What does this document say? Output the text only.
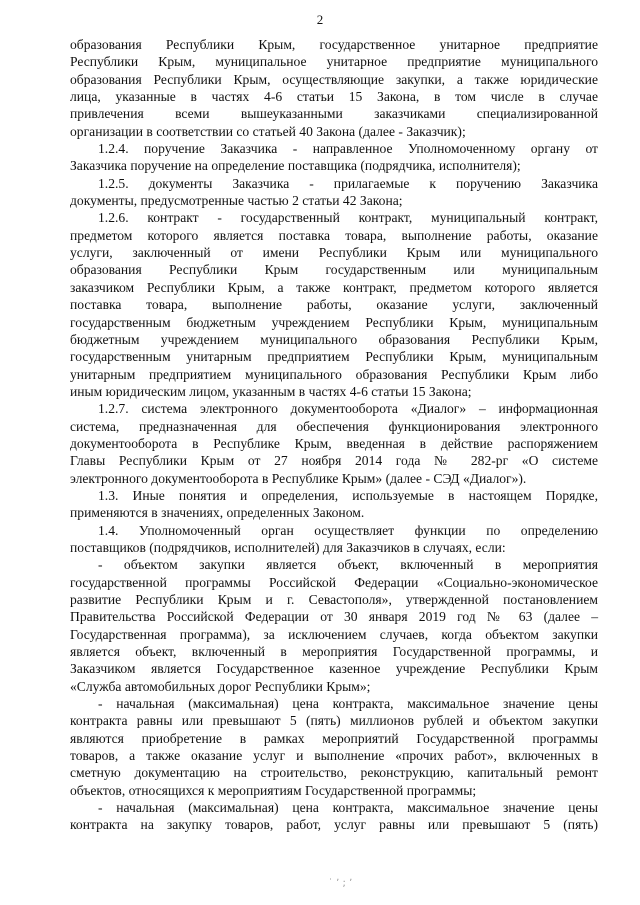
2

образования Республики Крым, государственное унитарное предприятие

Республики Крым, муниципальное унитарное предприятие муниципального

образования Республики Крым, осуществляющие закупки, а также юридические

лица, указанные в частях 4-6 статьи 15 Закона, в том числе в случае

привлечения всеми вышеуказанными заказчиками специализированной

организации в соответствии со статьей 40 Закона (далее - Заказчик);

1.2.4. поручение Заказчика - направленное Уполномоченному органу от

Заказчика поручение на определение поставщика (подрядчика, исполнителя);

1.2.5. документы Заказчика - прилагаемые к поручению Заказчика

документы, предусмотренные частью 2 статьи 42 Закона;

1.2.6. контракт - государственный контракт, муниципальный контракт,

предметом которого является поставка товара, выполнение работы, оказание

услуги, заключенный от имени Республики Крым или муниципального

образования Республики Крым государственным или муниципальным

заказчиком Республики Крым, а также контракт, предметом которого является

поставка товара, выполнение работы, оказание услуги, заключенный

государственным бюджетным учреждением Республики Крым, муниципальным

бюджетным учреждением муниципального образования Республики Крым,

государственным унитарным предприятием Республики Крым, муниципальным

унитарным предприятием муниципального образования Республики Крым либо

иным юридическим лицом, указанным в частях 4-6 статьи 15 Закона;

1.2.7. система электронного документооборота «Диалог» – информационная

система, предназначенная для обеспечения функционирования электронного

документооборота в Республике Крым, введенная в действие распоряжением

Главы Республики Крым от 27 ноября 2014 года № 282-рг «О системе

электронного документооборота в Республике Крым» (далее - СЭД «Диалог»).

1.3. Иные понятия и определения, используемые в настоящем Порядке,

применяются в значениях, определенных Законом.

1.4. Уполномоченный орган осуществляет функции по определению

поставщиков (подрядчиков, исполнителей) для Заказчиков в случаях, если:

- объектом закупки является объект, включенный в мероприятия

государственной программы Российской Федерации «Социально-экономическое

развитие Республики Крым и г. Севастополя», утвержденной постановлением

Правительства Российской Федерации от 30 января 2019 год № 63 (далее –

Государственная программа), за исключением случаев, когда объектом закупки

является объект, включенный в мероприятия Государственной программы, и

Заказчиком является Государственное казенное учреждение Республики Крым

«Служба автомобильных дорог Республики Крым»;

- начальная (максимальная) цена контракта, максимальное значение цены

контракта равны или превышают 5 (пять) миллионов рублей и объектом закупки

являются приобретение в рамках мероприятий Государственной программы

товаров, а также оказание услуг и выполнение «прочих работ», включенных в

сметную документацию на строительство, реконструкцию, капитальный ремонт

объектов, относящихся к мероприятиям Государственной программы;

- начальная (максимальная) цена контракта, максимальное значение цены

контракта на закупку товаров, работ, услуг равны или превышают 5 (пять)

˙ ʼ ; ʼ
